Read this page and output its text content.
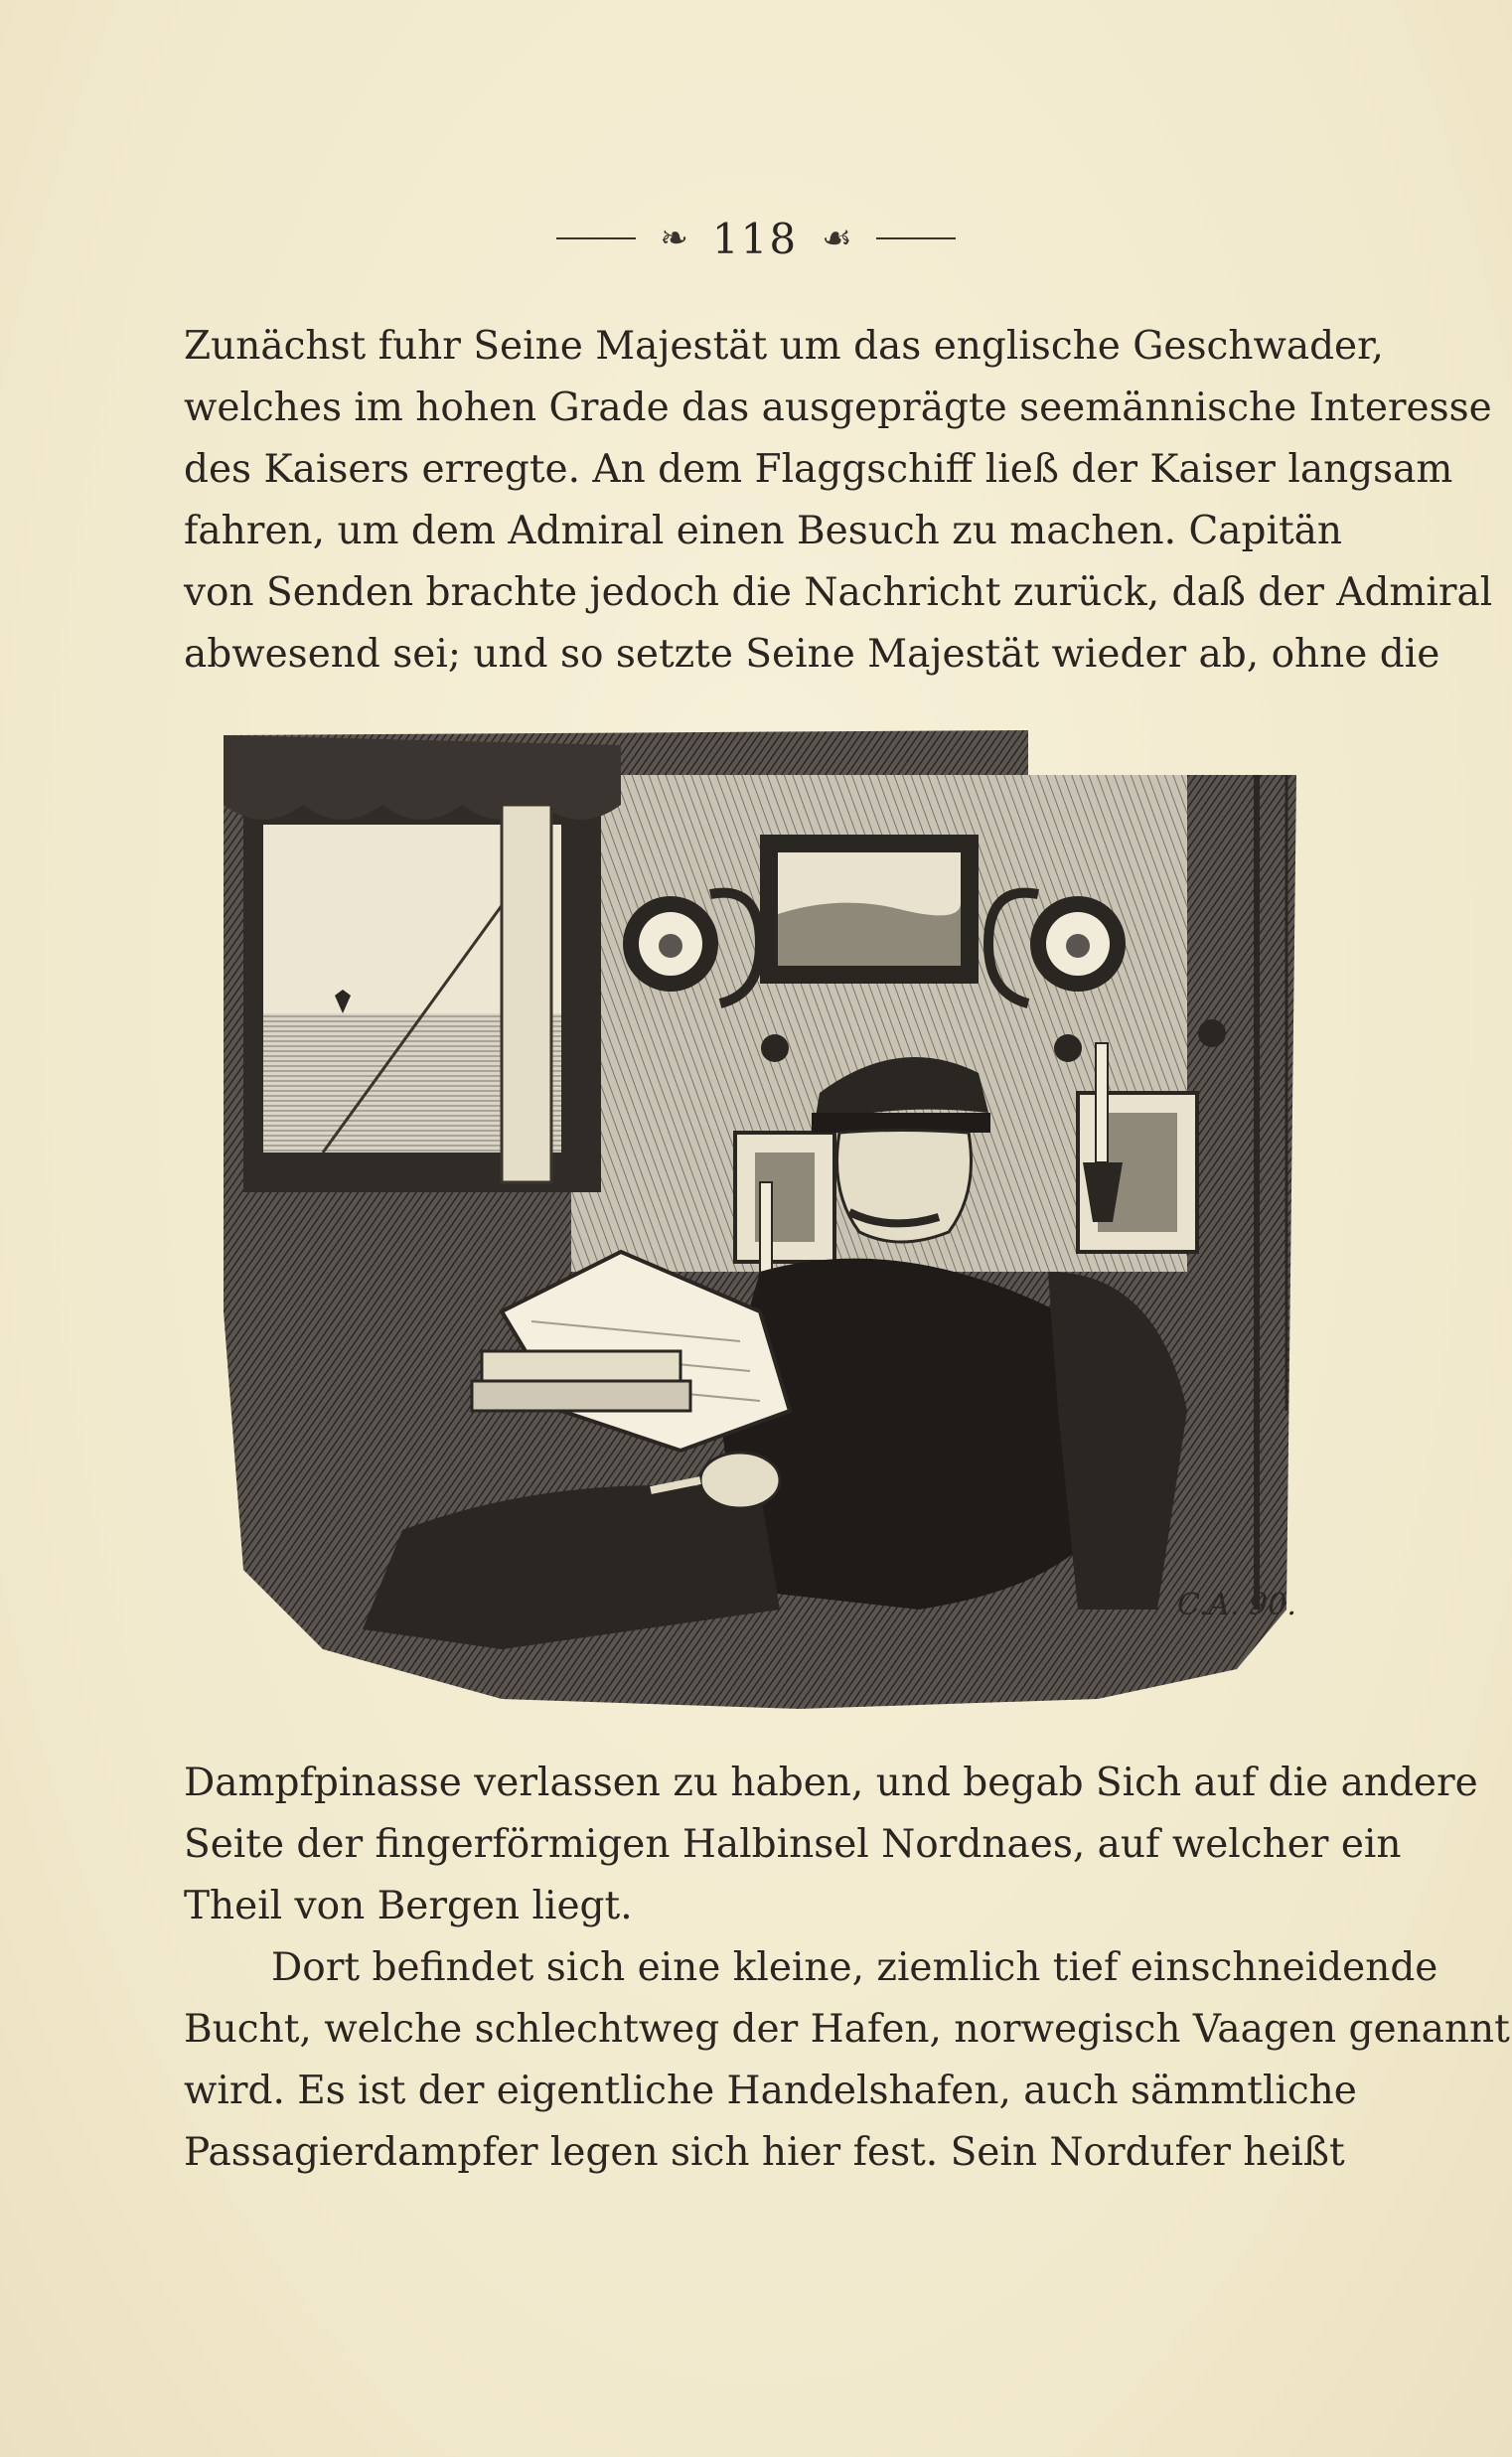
❧ 118 ☙
Zunächst fuhr Seine Majestät um das englische Geschwader,
welches im hohen Grade das ausgeprägte seemännische Interesse
des Kaisers erregte. An dem Flaggschiff ließ der Kaiser langsam
fahren, um dem Admiral einen Besuch zu machen. Capitän
von Senden brachte jedoch die Nachricht zurück, daß der Admiral
abwesend sei; und so setzte Seine Majestät wieder ab, ohne die
C.A. 90.
Dampfpinasse verlassen zu haben, und begab Sich auf die andere
Seite der fingerförmigen Halbinsel Nordnaes, auf welcher ein
Theil von Bergen liegt.
Dort befindet sich eine kleine, ziemlich tief einschneidende
Bucht, welche schlechtweg der Hafen, norwegisch Vaagen genannt
wird. Es ist der eigentliche Handelshafen, auch sämmtliche
Passagierdampfer legen sich hier fest. Sein Nordufer heißt
